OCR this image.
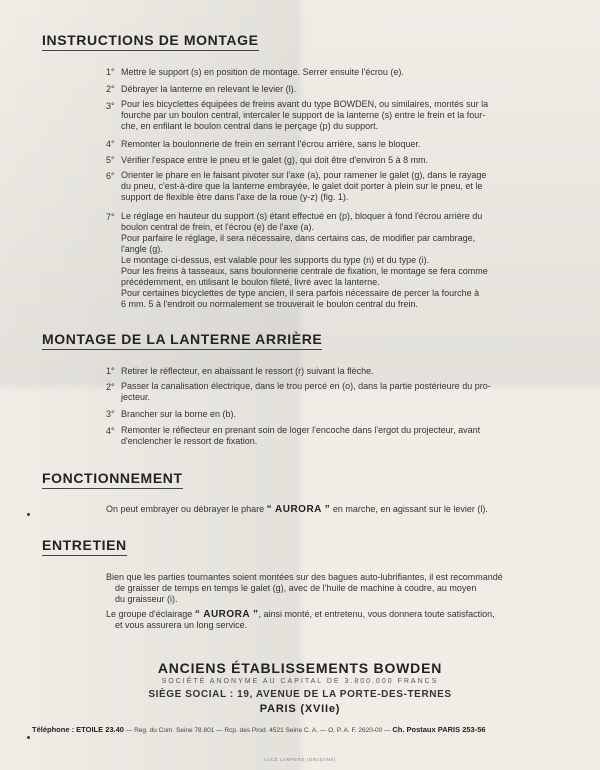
INSTRUCTIONS DE MONTAGE
1° Mettre le support (s) en position de montage. Serrer ensuite l'écrou (e).
2° Débrayer la lanterne en relevant le levier (l).
3° Pour les bicyclettes équipées de freins avant du type BOWDEN, ou similaires, montés sur la
fourche par un boulon central, intercaler le support de la lanterne (s) entre le frein et la four-
che, en enfilant le boulon central dans le perçage (p) du support.
4° Remonter la boulonnerie de frein en serrant l'écrou arrière, sans le bloquer.
5° Vérifier l'espace entre le pneu et le galet (g), qui doit être d'environ 5 à 8 mm.
6° Orienter le phare en le faisant pivoter sur l'axe (a), pour ramener le galet (g), dans le rayage
du pneu, c'est-à-dire que la lanterne embrayée, le galet doit porter à plein sur le pneu, et le
support de flexible être dans l'axe de la roue (y-z) (fig. 1).
7° Le réglage en hauteur du support (s) étant effectué en (p), bloquer à fond l'écrou arrière du
boulon central de frein, et l'écrou (e) de l'axe (a).
Pour parfaire le réglage, il sera nécessaire, dans certains cas, de modifier par cambrage,
l'angle (g).
Le montage ci-dessus, est valable pour les supports du type (n) et du type (i).
Pour les freins à tasseaux, sans boulonnerie centrale de fixation, le montage se fera comme
précédemment, en utilisant le boulon fileté, livré avec la lanterne.
Pour certaines bicyclettes de type ancien, il sera parfois nécessaire de percer la fourche à
6 mm. 5 à l'endroit ou normalement se trouverait le boulon central du frein.
MONTAGE DE LA LANTERNE ARRIÈRE
1° Retirer le réflecteur, en abaissant le ressort (r) suivant la flèche.
2° Passer la canalisation électrique, dans le trou percé en (o), dans la partie postérieure du pro-
jecteur.
3° Brancher sur la borne en (b).
4° Remonter le réflecteur en prenant soin de loger l'encoche dans l'ergot du projecteur, avant
d'enclencher le ressort de fixation.
FONCTIONNEMENT
On peut embrayer ou débrayer le phare “ AURORA ” en marche, en agissant sur le levier (l).
ENTRETIEN
Bien que les parties tournantes soient montées sur des bagues auto-lubrifiantes, il est recommandé
de graisser de temps en temps le galet (g), avec de l'huile de machine à coudre, au moyen
du graisseur (i).
Le groupe d'éclairage “ AURORA ”, ainsi monté, et entretenu, vous donnera toute satisfaction,
et vous assurera un long service.
ANCIENS ÉTABLISSEMENTS BOWDEN
SOCIÉTÉ ANONYME AU CAPITAL DE 3.800.000 FRANCS
SIÈGE SOCIAL : 19, AVENUE DE LA PORTE-DES-TERNES
PARIS (XVIIe)
Téléphone : ETOILE 23.40 — Reg. du Com. Seine 78.801 — Rcp. des Prod. 4521 Seine C. A. — O. P. A. F. 2620-00 — Ch. Postaux PARIS 253-56
LUCE LAMPERE (ORLÉANS)
